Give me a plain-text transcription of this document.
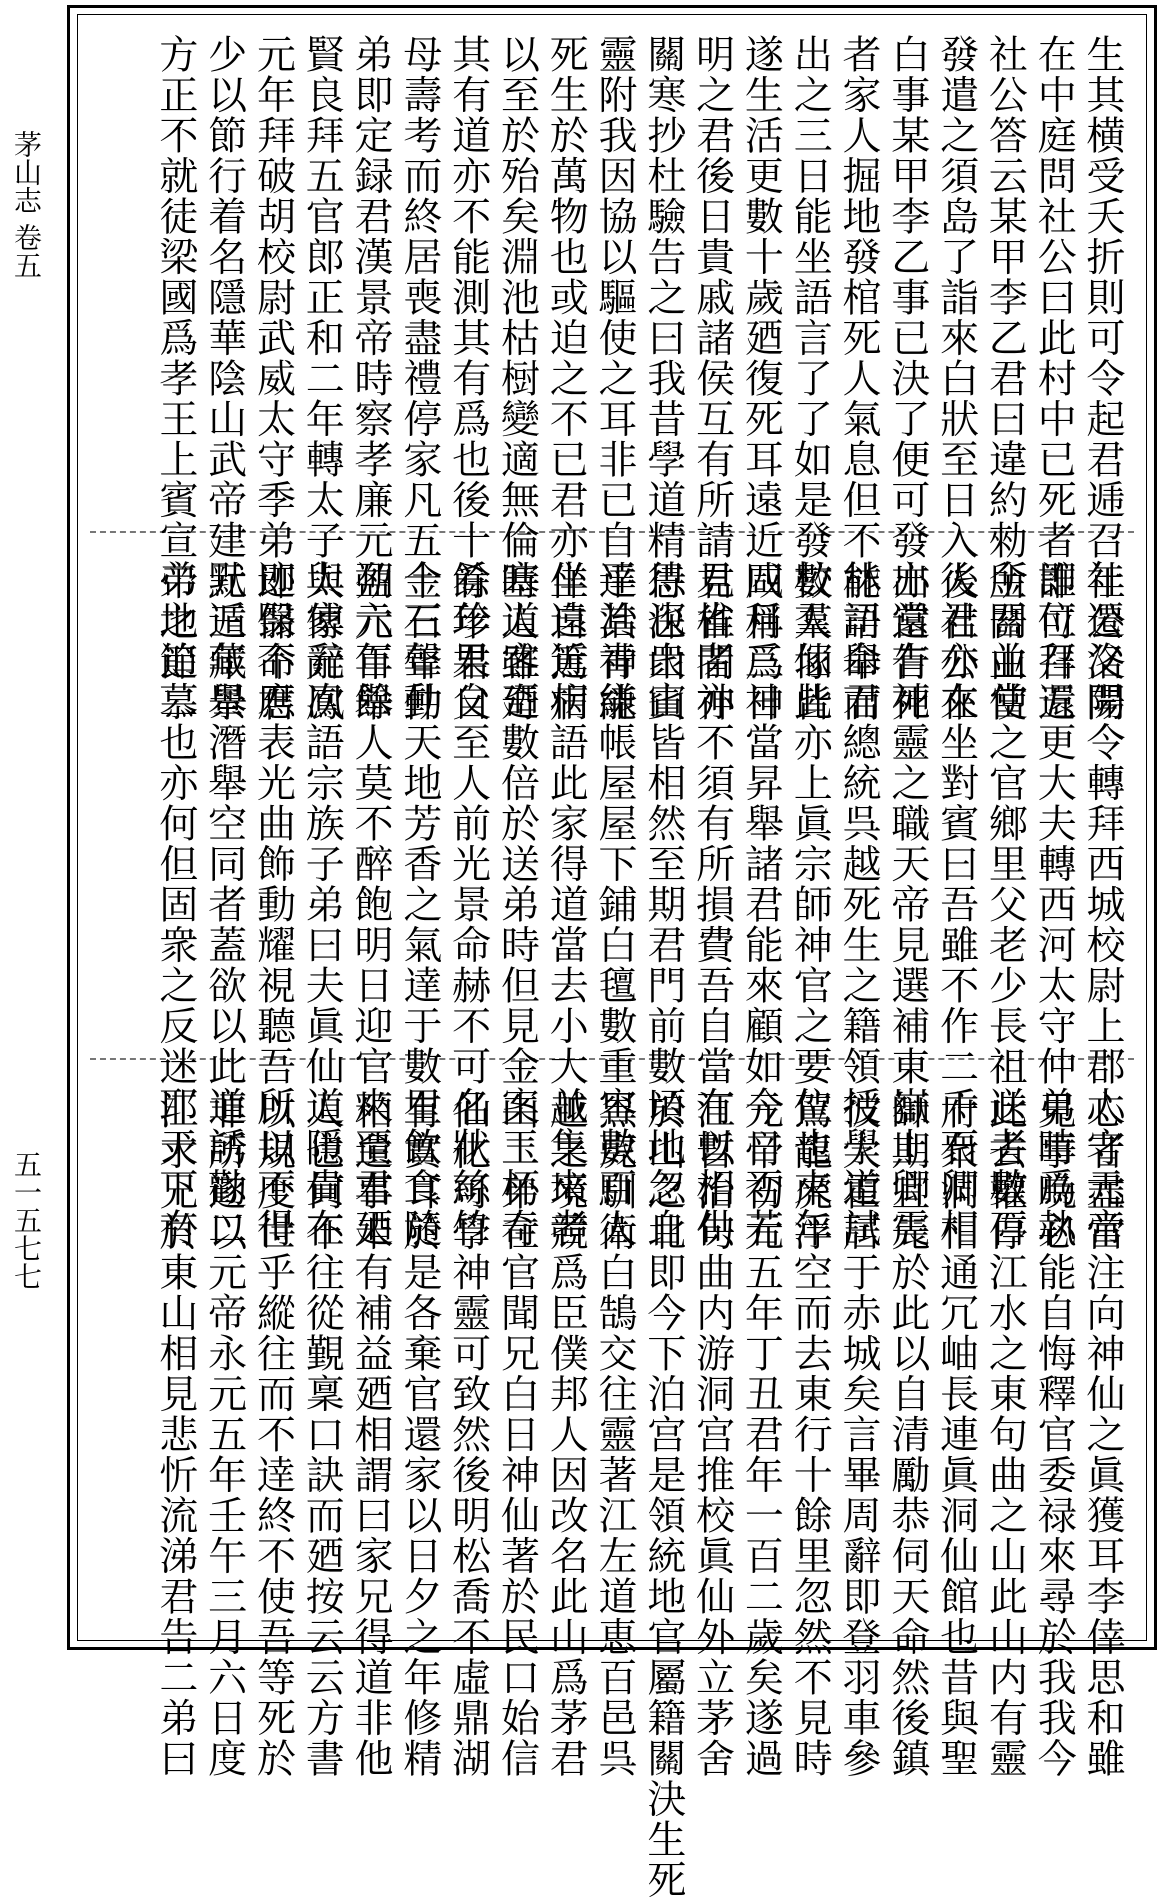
茅山志 卷五
五一五七七
生其横受夭折則可令起君逓召社公父開
在中庭問社公曰此村中已死者誰可召還
社公答云某甲李乙君曰違約勑所關由使
發遣之須𡷊了詣來白狀至日入後社公來
白事某甲李乙事已決了便可發出還告死
者家人掘地發棺死人氣息但不能語舉而
出之三日能坐語言了了如是發數人塚皆
遂生活更數十歲廼復死耳遠近咸稱爲神
明之君後日貴戚諸侯互有所請君椎閉神
關寒抄杜驗告之曰我昔學道精思深山山
靈附我因協以驅使之耳非已自達其神能
死生於萬物也或迫之不已君亦佯自篤病
以至於殆矣淵池枯𣗳變適無倫時人雖奇
其有道亦不能測其有爲也後十餘年君父
母壽考而終居喪盡禮停家凡五十三年仲
弟即定録君漢景帝時察孝廉元朔元年舉
賢良拜五官郎正和二年轉太子太傅元鳳
元年拜破胡校尉武威太守季弟即保命君
少以節行着名隱華陰山武帝建元三年舉
方正不就徒梁國爲孝王上賓宣帝地節二
年遷洛陽令轉拜西城校尉上郡太守元帝
即位拜五更大夫轉西河太守仲弟時爲執
金吾並當之官鄉里父老少長祖送者數百
人君亦在坐對賓曰吾雖不作二千石卿相
亦當有神靈之職天帝見選補東嶽上卿震
林司命君總統呉越死生之籍領授學道試
校羣仙此亦上眞宗師神官之要位也來年
四月三日當昇舉諸君能來顧如今日否若
見省者亦不須有所損費吾自當有以相供
待也衆賓皆相然至期君門前數頃地忽自
平治青縑帳屋屋下鋪白氊數重容數百人
坐遠近相語此家得道當去小大並集來者
塞道客廼數倍於送弟時但見金案玉杯奇
肴珍果自至人前光景命赫不可名狀絲竹
金石聲動天地芳香之氣達于數里飲食隨
盈六百餘人莫不醉飽明日迎官來至君廼
與家辭次語宗族子弟曰夫眞仙道隱貴在
迹翳不應表光曲飾動耀視聽吾所以不得
默遁藏景潛舉空同者蓋欲以此道誘勸二
弟之追慕也亦何但固衆之反迷耶天下有
心者盡當注向神仙之眞獲耳李倖思和雖
見事晩必能自悔釋官委禄來尋於我我今
此去權停江水之東句曲之山此山内有靈
府衆洞相通冗岫長連眞洞仙館也昔與聖
師期宜先於此以自清勵恭伺天命然後鎮
彼大霍居于赤城矣言畢周辭即登羽車參
駕龍虎浮空而去東行十餘里忽然不見時
元帝初元五年丁丑君年一百二歲矣遂過
江暫治句曲内游洞宫推校眞仙外立茅舍
於山之北即今下泊宫是領統地官屬籍關決生死
黒虎馴衛白鵠交往靈著江左道恵百邑呉
越之境競爲臣僕邦人因改名此山爲茅君
山二弟在官聞兄白日神仙著於民口始信
仙化可學神靈可致然後明松喬不虛鼎湖
有實耳於是各棄官還家以日夕之年修精
粕遺事未有補益廼相謂曰家兄得道非他
人也何不往從覲稟口訣而廼按云云方書
以規度世乎縱往而不逹終不使吾等死於
非所遂以元帝永元五年壬午三月六日度
江求兄於東山相見悲忻流涕君告二弟曰
